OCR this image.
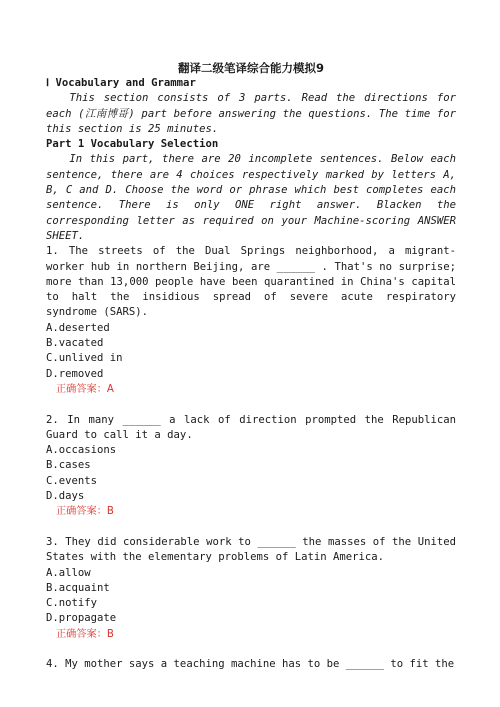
翻译二级笔译综合能力模拟9
Ⅰ Vocabulary and Grammar
This section consists of 3 parts. Read the directions for each (江南博哥) part before answering the questions. The time for this section is 25 minutes.
Part 1 Vocabulary Selection
In this part, there are 20 incomplete sentences. Below each sentence, there are 4 choices respectively marked by letters A, B, C and D. Choose the word or phrase which best completes each sentence. There is only ONE right answer. Blacken the corresponding letter as required on your Machine-scoring ANSWER SHEET.
1. The streets of the Dual Springs neighborhood, a migrant-worker hub in northern Beijing, are ______ . That's no surprise; more than 13,000 people have been quarantined in China's capital to halt the insidious spread of severe acute respiratory syndrome (SARS).
A.deserted
B.vacated
C.unlived in
D.removed
正确答案：A
2. In many ______ a lack of direction prompted the Republican Guard to call it a day.
A.occasions
B.cases
C.events
D.days
正确答案：B
3. They did considerable work to ______ the masses of the United States with the elementary problems of Latin America.
A.allow
B.acquaint
C.notify
D.propagate
正确答案：B
4. My mother says a teaching machine has to be ______ to fit the
